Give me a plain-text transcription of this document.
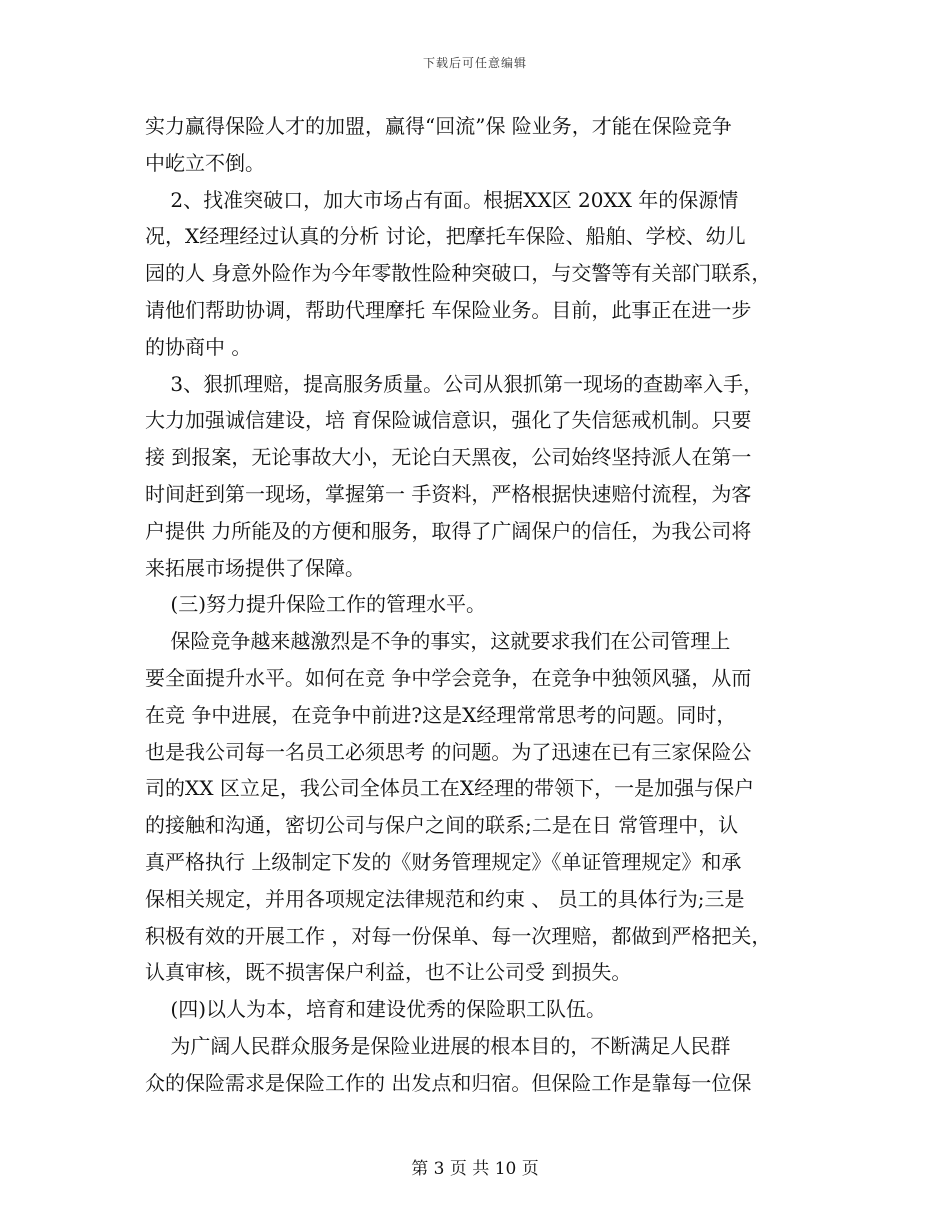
下载后可任意编辑
实力赢得保险人才的加盟，赢得“回流”保 险业务，才能在保险竞争
中屹立不倒。
2、找准突破口，加大市场占有面。根据XX区 20XX 年的保源情
况，X经理经过认真的分析 讨论，把摩托车保险、船舶、学校、幼儿
园的人 身意外险作为今年零散性险种突破口，与交警等有关部门联系，
请他们帮助协调，帮助代理摩托 车保险业务。目前，此事正在进一步
的协商中 。
3、狠抓理赔，提高服务质量。公司从狠抓第一现场的查勘率入手，
大力加强诚信建设，培 育保险诚信意识，强化了失信惩戒机制。只要
接 到报案，无论事故大小，无论白天黑夜，公司始终坚持派人在第一
时间赶到第一现场，掌握第一 手资料，严格根据快速赔付流程，为客
户提供 力所能及的方便和服务，取得了广阔保户的信任，为我公司将
来拓展市场提供了保障。
(三)努力提升保险工作的管理水平。
保险竞争越来越激烈是不争的事实，这就要求我们在公司管理上
要全面提升水平。如何在竞 争中学会竞争，在竞争中独领风骚，从而
在竞 争中进展，在竞争中前进?这是X经理常常思考的问题。同时，
也是我公司每一名员工必须思考 的问题。为了迅速在已有三家保险公
司的XX 区立足，我公司全体员工在X经理的带领下，一是加强与保户
的接触和沟通，密切公司与保户之间的联系;二是在日 常管理中，认
真严格执行 上级制定下发的《财务管理规定》《单证管理规定》和承
保相关规定，并用各项规定法律规范和约束 、 员工的具体行为;三是
积极有效的开展工作 ，对每一份保单、每一次理赔，都做到严格把关，
认真审核，既不损害保户利益，也不让公司受 到损失。
(四)以人为本，培育和建设优秀的保险职工队伍。
为广阔人民群众服务是保险业进展的根本目的，不断满足人民群
众的保险需求是保险工作的 出发点和归宿。但保险工作是靠每一位保
第 3 页 共 10 页
